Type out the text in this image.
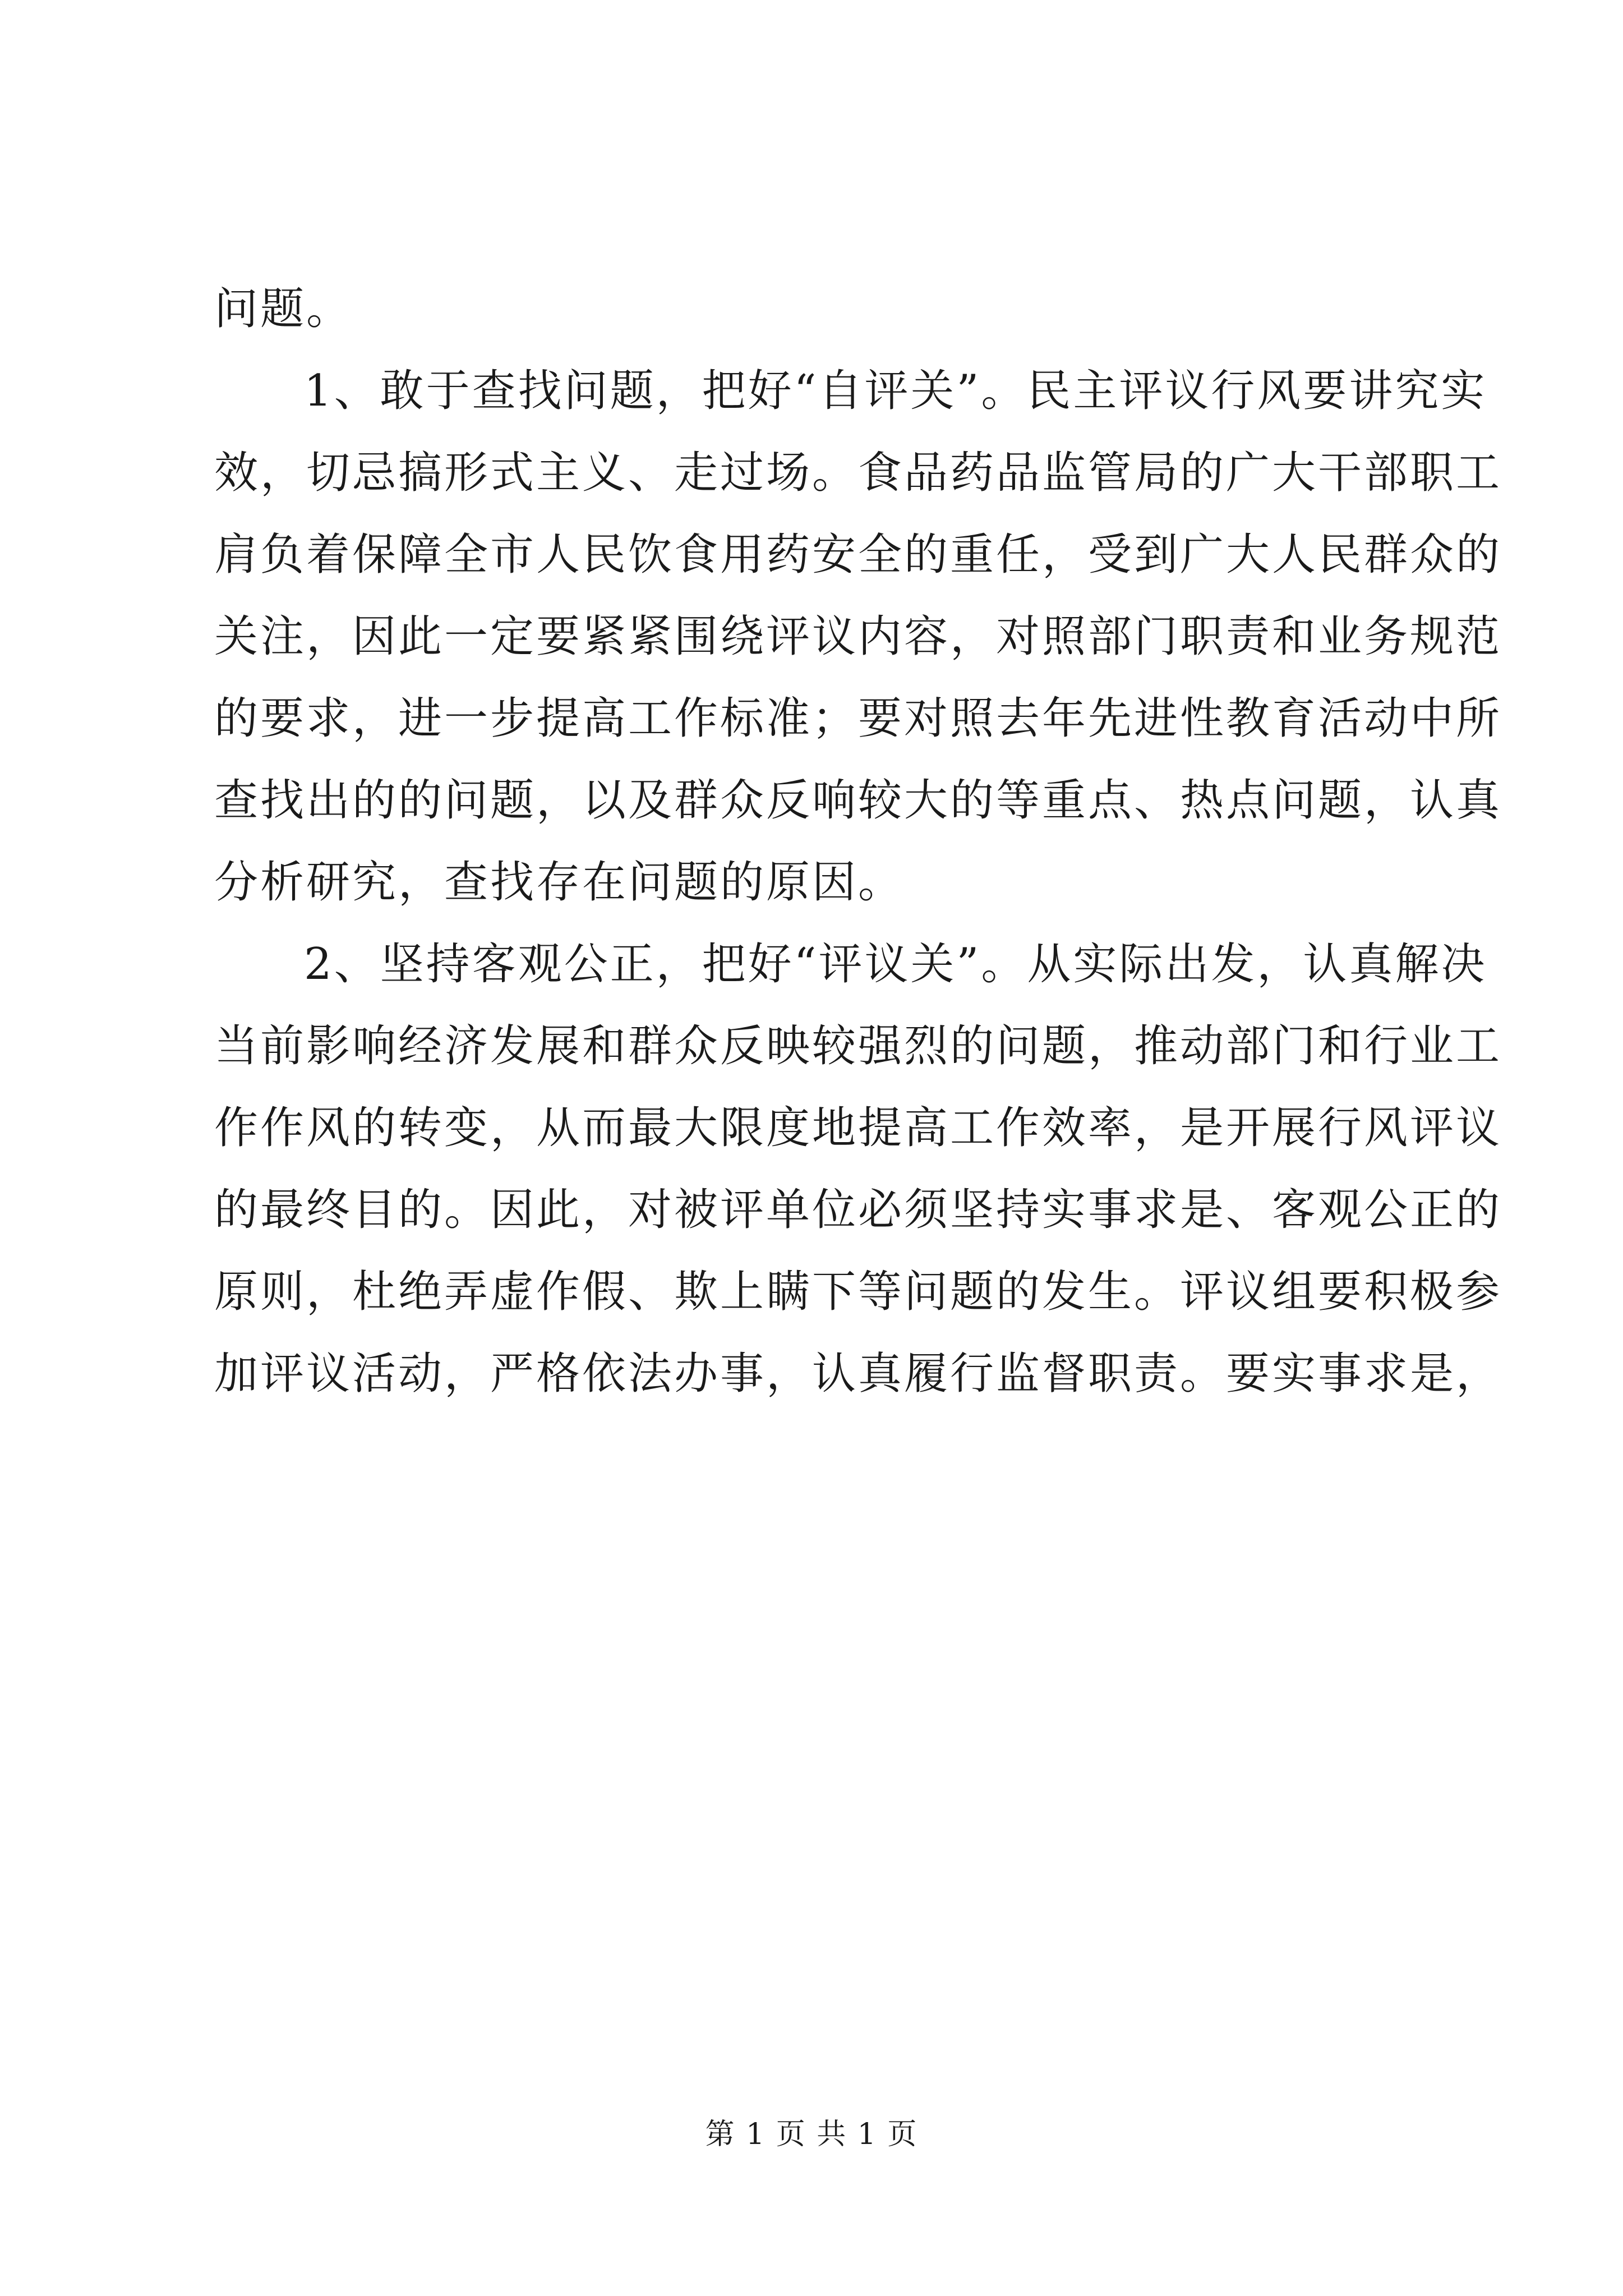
问题。
1、敢于查找问题，把好“自评关”。民主评议行风要讲究实
效，切忌搞形式主义、走过场。食品药品监管局的广大干部职工
肩负着保障全市人民饮食用药安全的重任，受到广大人民群众的
关注，因此一定要紧紧围绕评议内容，对照部门职责和业务规范
的要求，进一步提高工作标准；要对照去年先进性教育活动中所
查找出的的问题，以及群众反响较大的等重点、热点问题，认真
分析研究，查找存在问题的原因。
2、坚持客观公正，把好“评议关”。从实际出发，认真解决
当前影响经济发展和群众反映较强烈的问题，推动部门和行业工
作作风的转变，从而最大限度地提高工作效率，是开展行风评议
的最终目的。因此，对被评单位必须坚持实事求是、客观公正的
原则，杜绝弄虚作假、欺上瞒下等问题的发生。评议组要积极参
加评议活动，严格依法办事，认真履行监督职责。要实事求是，
第 1 页 共 1 页
